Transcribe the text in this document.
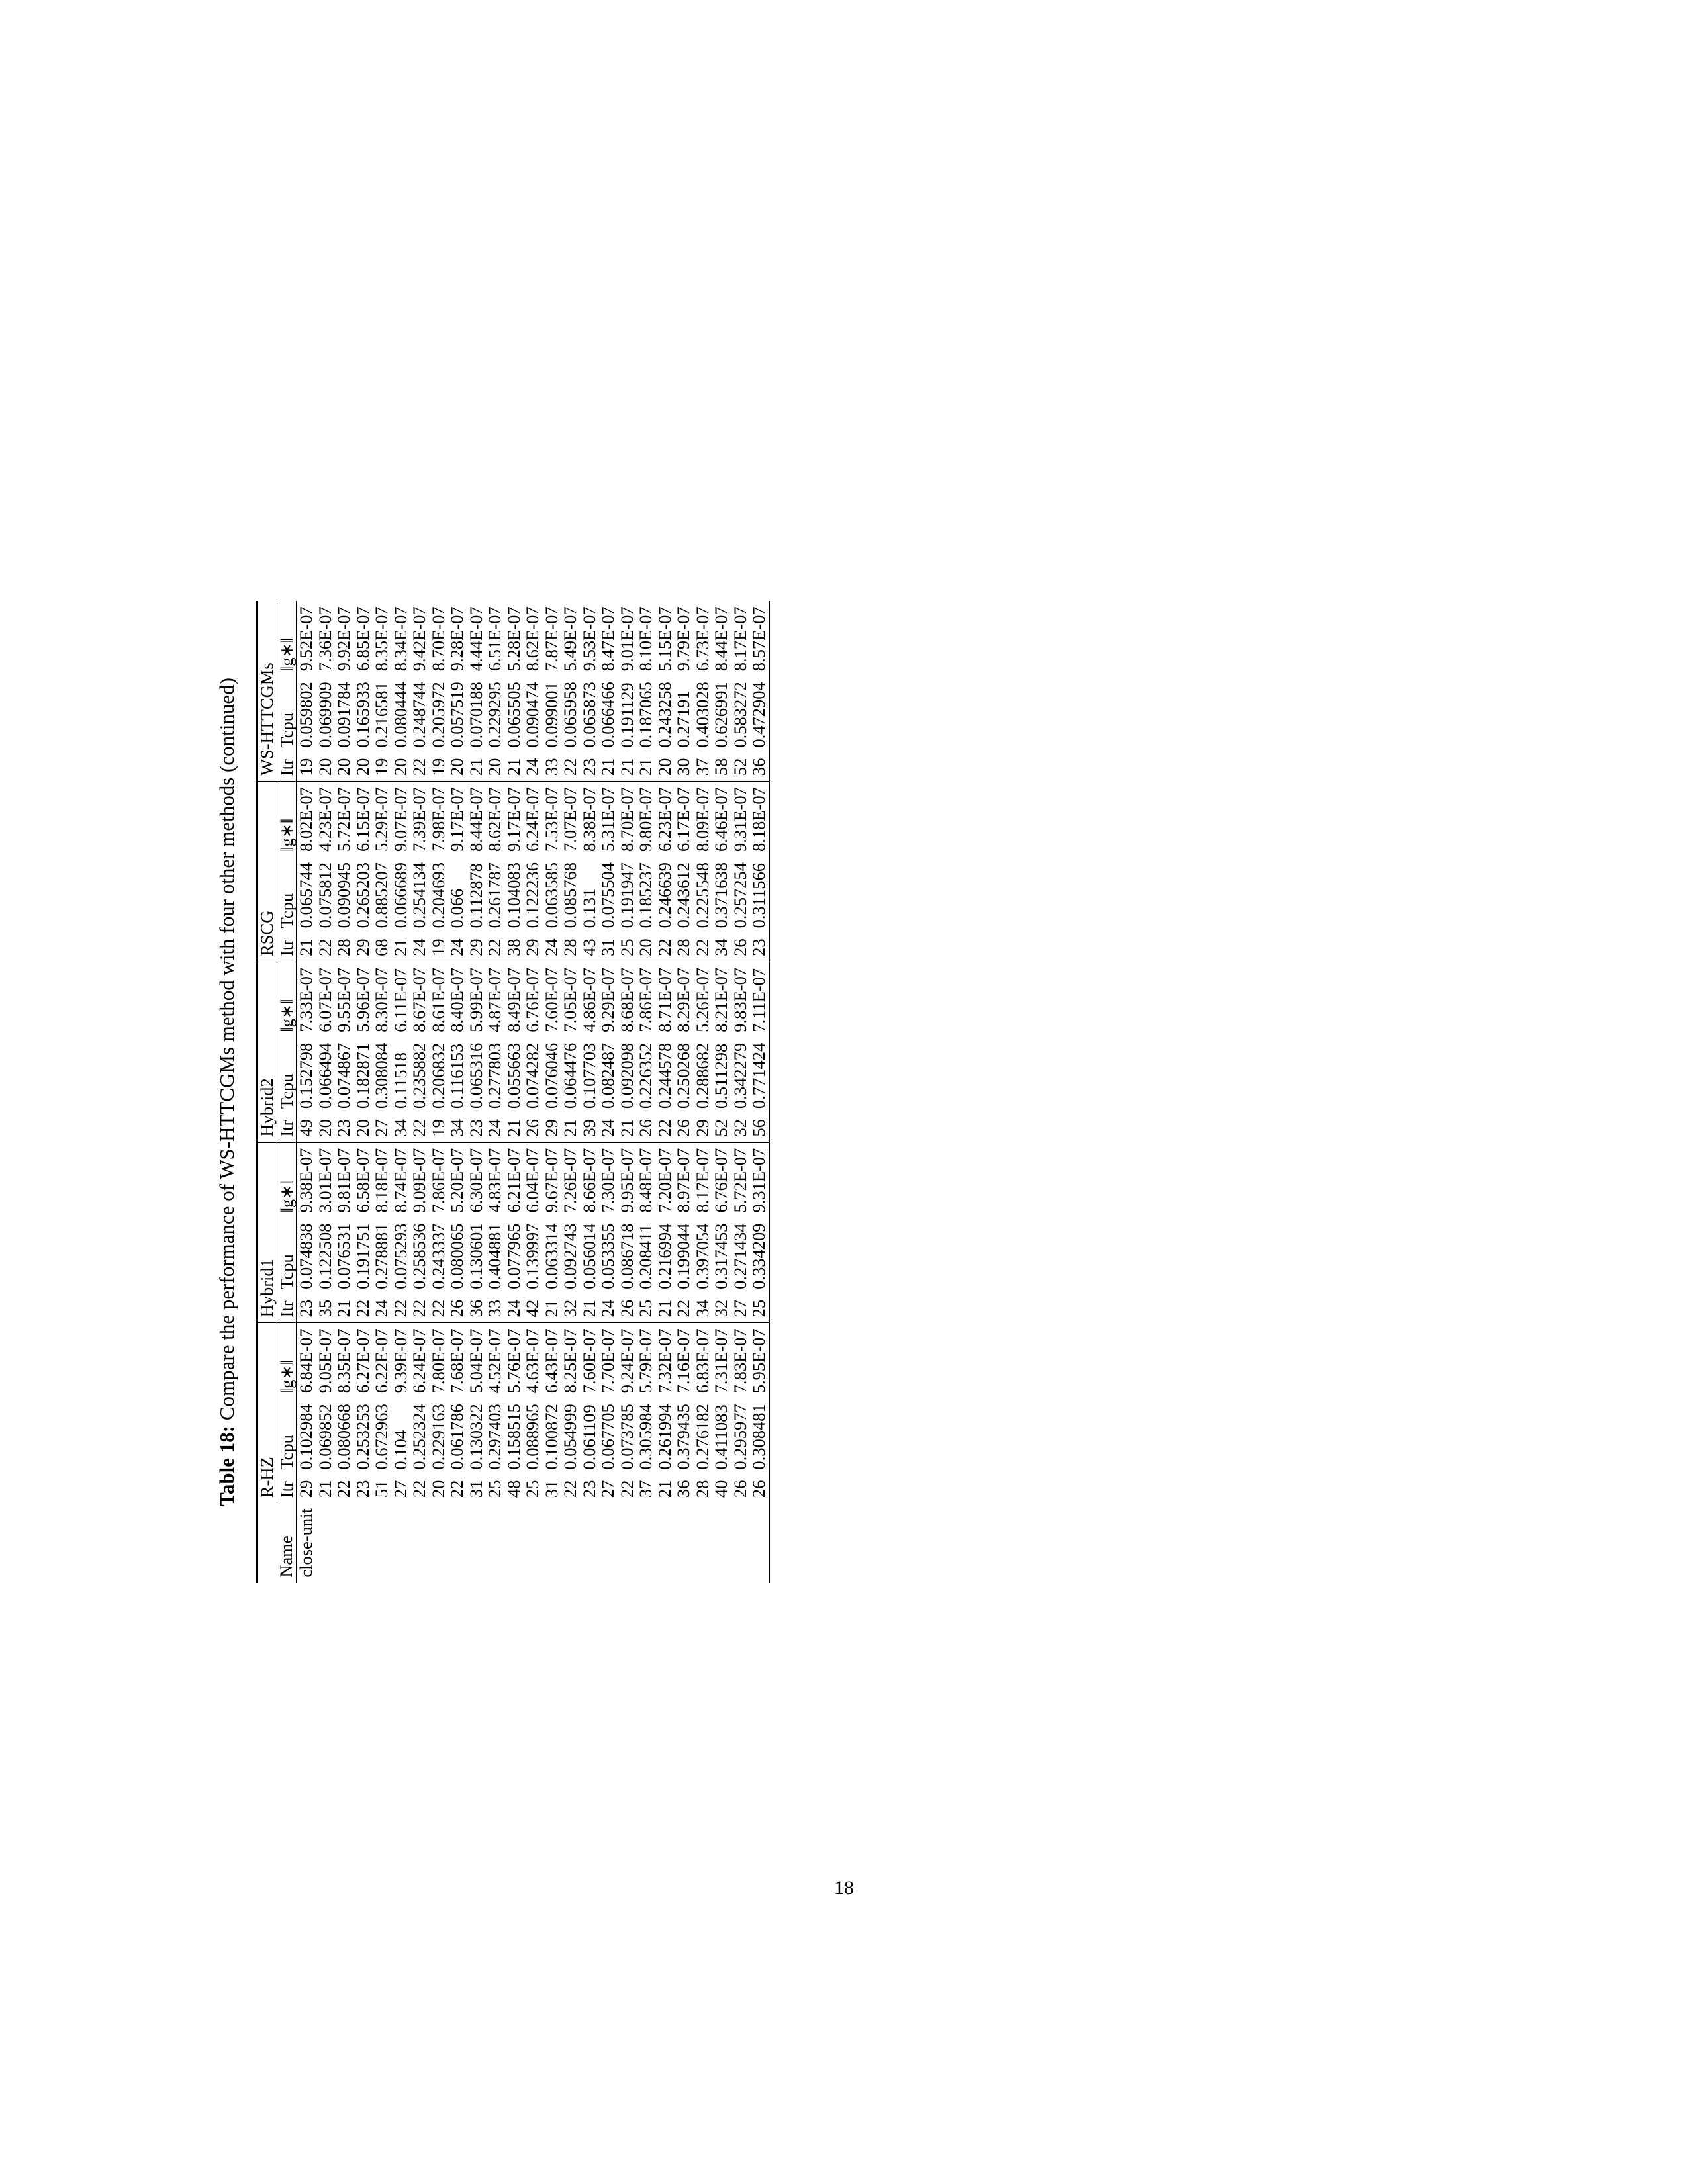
Table 18: Compare the performance of WS-HTTCGMs method with four other methods (continued)
	R-HZ			Hybrid1			Hybrid2			RSCG			WS-HTTCGMs		
Name	Itr	Tcpu	‖g∗‖	Itr	Tcpu	‖g∗‖	Itr	Tcpu	‖g∗‖	Itr	Tcpu	‖g∗‖	Itr	Tcpu	‖g∗‖
close-unit	29	0.102984	6.84E-07	23	0.074838	9.38E-07	49	0.152798	7.33E-07	21	0.065744	8.02E-07	19	0.059802	9.52E-07
	21	0.069852	9.05E-07	35	0.122508	3.01E-07	20	0.066494	6.07E-07	22	0.075812	4.23E-07	20	0.069909	7.36E-07
	22	0.080668	8.35E-07	21	0.076531	9.81E-07	23	0.074867	9.55E-07	28	0.090945	5.72E-07	20	0.091784	9.92E-07
	23	0.253253	6.27E-07	22	0.191751	6.58E-07	20	0.182871	5.96E-07	29	0.265203	6.15E-07	20	0.165933	6.85E-07
	51	0.672963	6.22E-07	24	0.278881	8.18E-07	27	0.308084	8.30E-07	68	0.885207	5.29E-07	19	0.216581	8.35E-07
	27	0.104	9.39E-07	22	0.075293	8.74E-07	34	0.11518	6.11E-07	21	0.066689	9.07E-07	20	0.080444	8.34E-07
	22	0.252324	6.24E-07	22	0.258536	9.09E-07	22	0.235882	8.67E-07	24	0.254134	7.39E-07	22	0.248744	9.42E-07
	20	0.229163	7.80E-07	22	0.243337	7.86E-07	19	0.206832	8.61E-07	19	0.204693	7.98E-07	19	0.205972	8.70E-07
	22	0.061786	7.68E-07	26	0.080065	5.20E-07	34	0.116153	8.40E-07	24	0.066	9.17E-07	20	0.057519	9.28E-07
	31	0.130322	5.04E-07	36	0.130601	6.30E-07	23	0.065316	5.99E-07	29	0.112878	8.44E-07	21	0.070188	4.44E-07
	25	0.297403	4.52E-07	33	0.404881	4.83E-07	24	0.277803	4.87E-07	22	0.261787	8.62E-07	20	0.229295	6.51E-07
	48	0.158515	5.76E-07	24	0.077965	6.21E-07	21	0.055663	8.49E-07	38	0.104083	9.17E-07	21	0.065505	5.28E-07
	25	0.088965	4.63E-07	42	0.139997	6.04E-07	26	0.074282	6.76E-07	29	0.122236	6.24E-07	24	0.090474	8.62E-07
	31	0.100872	6.43E-07	21	0.063314	9.67E-07	29	0.076046	7.60E-07	24	0.063585	7.53E-07	33	0.099001	7.87E-07
	22	0.054999	8.25E-07	32	0.092743	7.26E-07	21	0.064476	7.05E-07	28	0.085768	7.07E-07	22	0.065958	5.49E-07
	23	0.061109	7.60E-07	21	0.056014	8.66E-07	39	0.107703	4.86E-07	43	0.131	8.38E-07	23	0.065873	9.53E-07
	27	0.067705	7.70E-07	24	0.053355	7.30E-07	24	0.082487	9.29E-07	31	0.075504	5.31E-07	21	0.066466	8.47E-07
	22	0.073785	9.24E-07	26	0.086718	9.95E-07	21	0.092098	8.68E-07	25	0.191947	8.70E-07	21	0.191129	9.01E-07
	37	0.305984	5.79E-07	25	0.208411	8.48E-07	26	0.226352	7.86E-07	20	0.185237	9.80E-07	21	0.187065	8.10E-07
	21	0.261994	7.32E-07	21	0.216994	7.20E-07	22	0.244578	8.71E-07	22	0.246639	6.23E-07	20	0.243258	5.15E-07
	36	0.379435	7.16E-07	22	0.199044	8.97E-07	26	0.250268	8.29E-07	28	0.243612	6.17E-07	30	0.27191	9.79E-07
	28	0.276182	6.83E-07	34	0.397054	8.17E-07	29	0.288682	5.26E-07	22	0.225548	8.09E-07	37	0.403028	6.73E-07
	40	0.411083	7.31E-07	32	0.317453	6.76E-07	52	0.511298	8.21E-07	34	0.371638	6.46E-07	58	0.626991	8.44E-07
	26	0.295977	7.83E-07	27	0.271434	5.72E-07	32	0.342279	9.83E-07	26	0.257254	9.31E-07	52	0.583272	8.17E-07
	26	0.308481	5.95E-07	25	0.334209	9.31E-07	56	0.771424	7.11E-07	23	0.311566	8.18E-07	36	0.472904	8.57E-07
18
